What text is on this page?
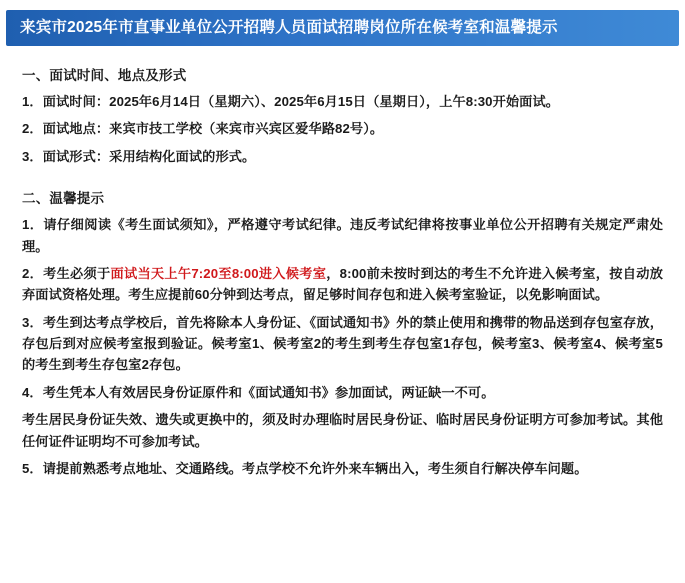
来宾市2025年市直事业单位公开招聘人员面试招聘岗位所在候考室和温馨提示

一、面试时间、地点及形式

1．面试时间：2025年6月14日（星期六）、2025年6月15日（星期日），上午8:30开始面试。

2．面试地点：来宾市技工学校（来宾市兴宾区爱华路82号）。

3．面试形式：采用结构化面试的形式。

二、温馨提示

1．请仔细阅读《考生面试须知》，严格遵守考试纪律。违反考试纪律将按事业单位公开招聘有关规定严肃处理。

2．考生必须于面试当天上午7:20至8:00进入候考室，8:00前未按时到达的考生不允许进入候考室，按自动放弃面试资格处理。考生应提前60分钟到达考点，留足够时间存包和进入候考室验证，以免影响面试。

3．考生到达考点学校后，首先将除本人身份证、《面试通知书》外的禁止使用和携带的物品送到存包室存放，存包后到对应候考室报到验证。候考室1、候考室2的考生到考生存包室1存包，候考室3、候考室4、候考室5的考生到考生存包室2存包。

4．考生凭本人有效居民身份证原件和《面试通知书》参加面试，两证缺一不可。

考生居民身份证失效、遗失或更换中的，须及时办理临时居民身份证、临时居民身份证明方可参加考试。其他任何证件证明均不可参加考试。

5．请提前熟悉考点地址、交通路线。考点学校不允许外来车辆出入，考生须自行解决停车问题。
